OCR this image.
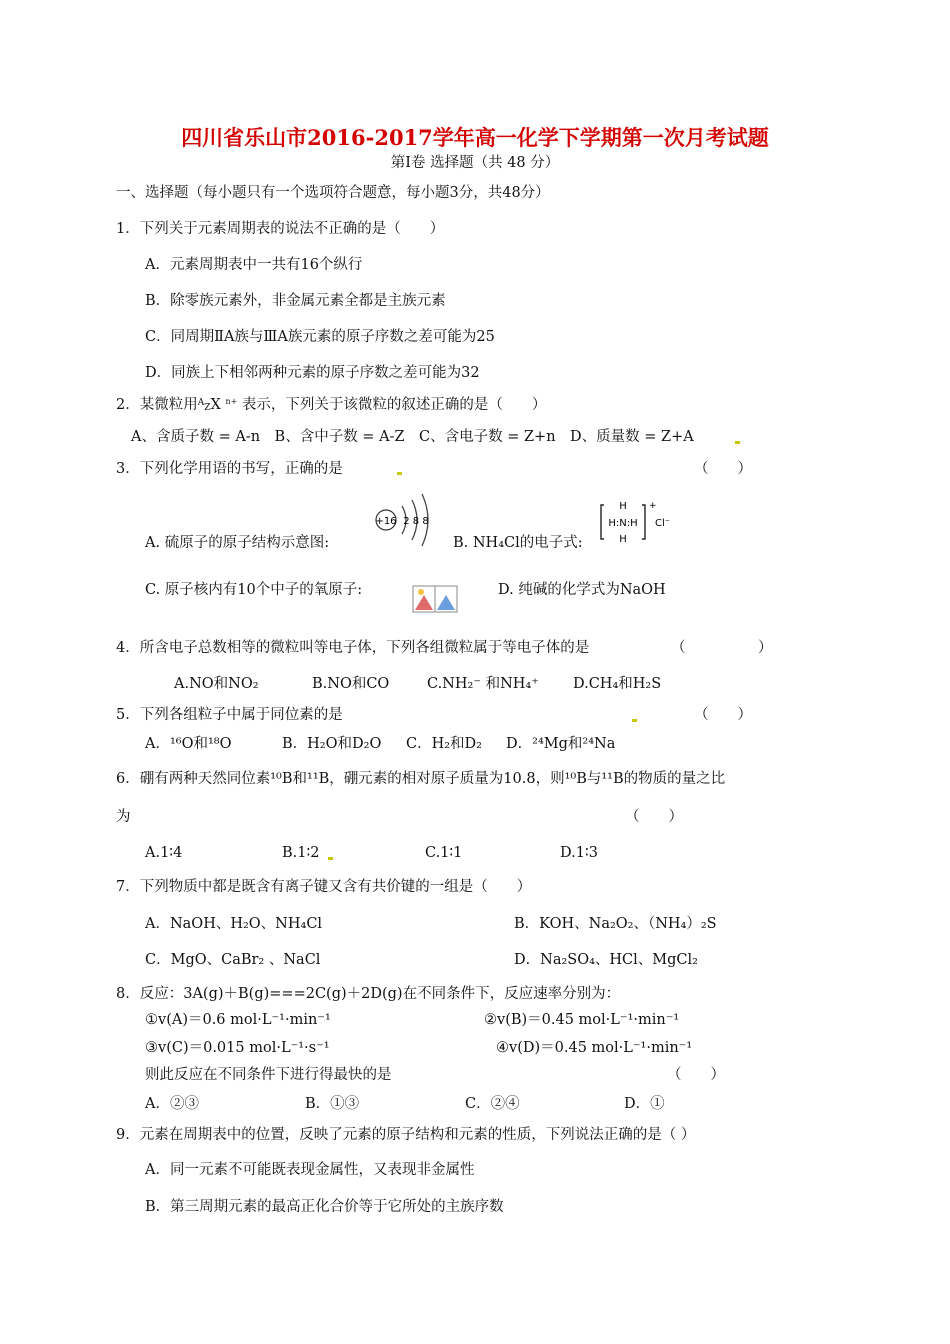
四川省乐山市2016-2017学年高一化学下学期第一次月考试题
第Ⅰ卷 选择题（共 48 分）
一、选择题（每小题只有一个选项符合题意，每小题3分，共48分）
1．下列关于元素周期表的说法不正确的是（　　）
A．元素周期表中一共有16个纵行
B．除零族元素外，非金属元素全都是主族元素
C．同周期ⅡA族与ⅢA族元素的原子序数之差可能为25
D．同族上下相邻两种元素的原子序数之差可能为32
2．某微粒用$^A$ZX $^{n+}$ 表示，下列关于该微粒的叙述正确的是（　　）
A、含质子数 = A-n　B、含中子数 = A-Z　C、含电子数 = Z+n　D、质量数 = Z+A
3．下列化学用语的书写，正确的是	（　　）
+16 2 8 8
A. 硫原子的原子结构示意图:
H
H:N:H
H
+
Cl⁻
B. NH₄Cl的电子式:
C. 原子核内有10个中子的氧原子:	D. 纯碱的化学式为NaOH
4．所含电子总数相等的微粒叫等电子体，下列各组微粒属于等电子体的是	（　　　　　）
A.NO和NO₂	B.NO和CO	C.NH₂⁻ 和NH₄⁺ D.CH₄和H₂S
5．下列各组粒子中属于同位素的是	（　　）
A．¹⁶O和¹⁸O	B．H₂O和D₂O C．H₂和D₂ D．²⁴Mg和²⁴Na
6．硼有两种天然同位素¹⁰B和¹¹B，硼元素的相对原子质量为10.8，则¹⁰B与¹¹B的物质的量之比
为	（　　）
A.1∶4	B.1∶2	C.1∶1	D.1∶3
7．下列物质中都是既含有离子键又含有共价键的一组是（　　）
A．NaOH、H₂O、NH₄Cl	B．KOH、Na₂O₂、（NH₄）₂S
C．MgO、CaBr₂ 、NaCl	D．Na₂SO₄、HCl、MgCl₂
8．反应：3A(g)＋B(g)===2C(g)＋2D(g)在不同条件下，反应速率分别为：
①v(A)＝0.6 mol·L⁻¹·min⁻¹	②v(B)＝0.45 mol·L⁻¹·min⁻¹
③v(C)＝0.015 mol·L⁻¹·s⁻¹	④v(D)＝0.45 mol·L⁻¹·min⁻¹
则此反应在不同条件下进行得最快的是	（　　）
A．②③	B．①③	C．②④	D．①
9．元素在周期表中的位置，反映了元素的原子结构和元素的性质，下列说法正确的是（ ）
A．同一元素不可能既表现金属性，又表现非金属性
B．第三周期元素的最高正化合价等于它所处的主族序数
